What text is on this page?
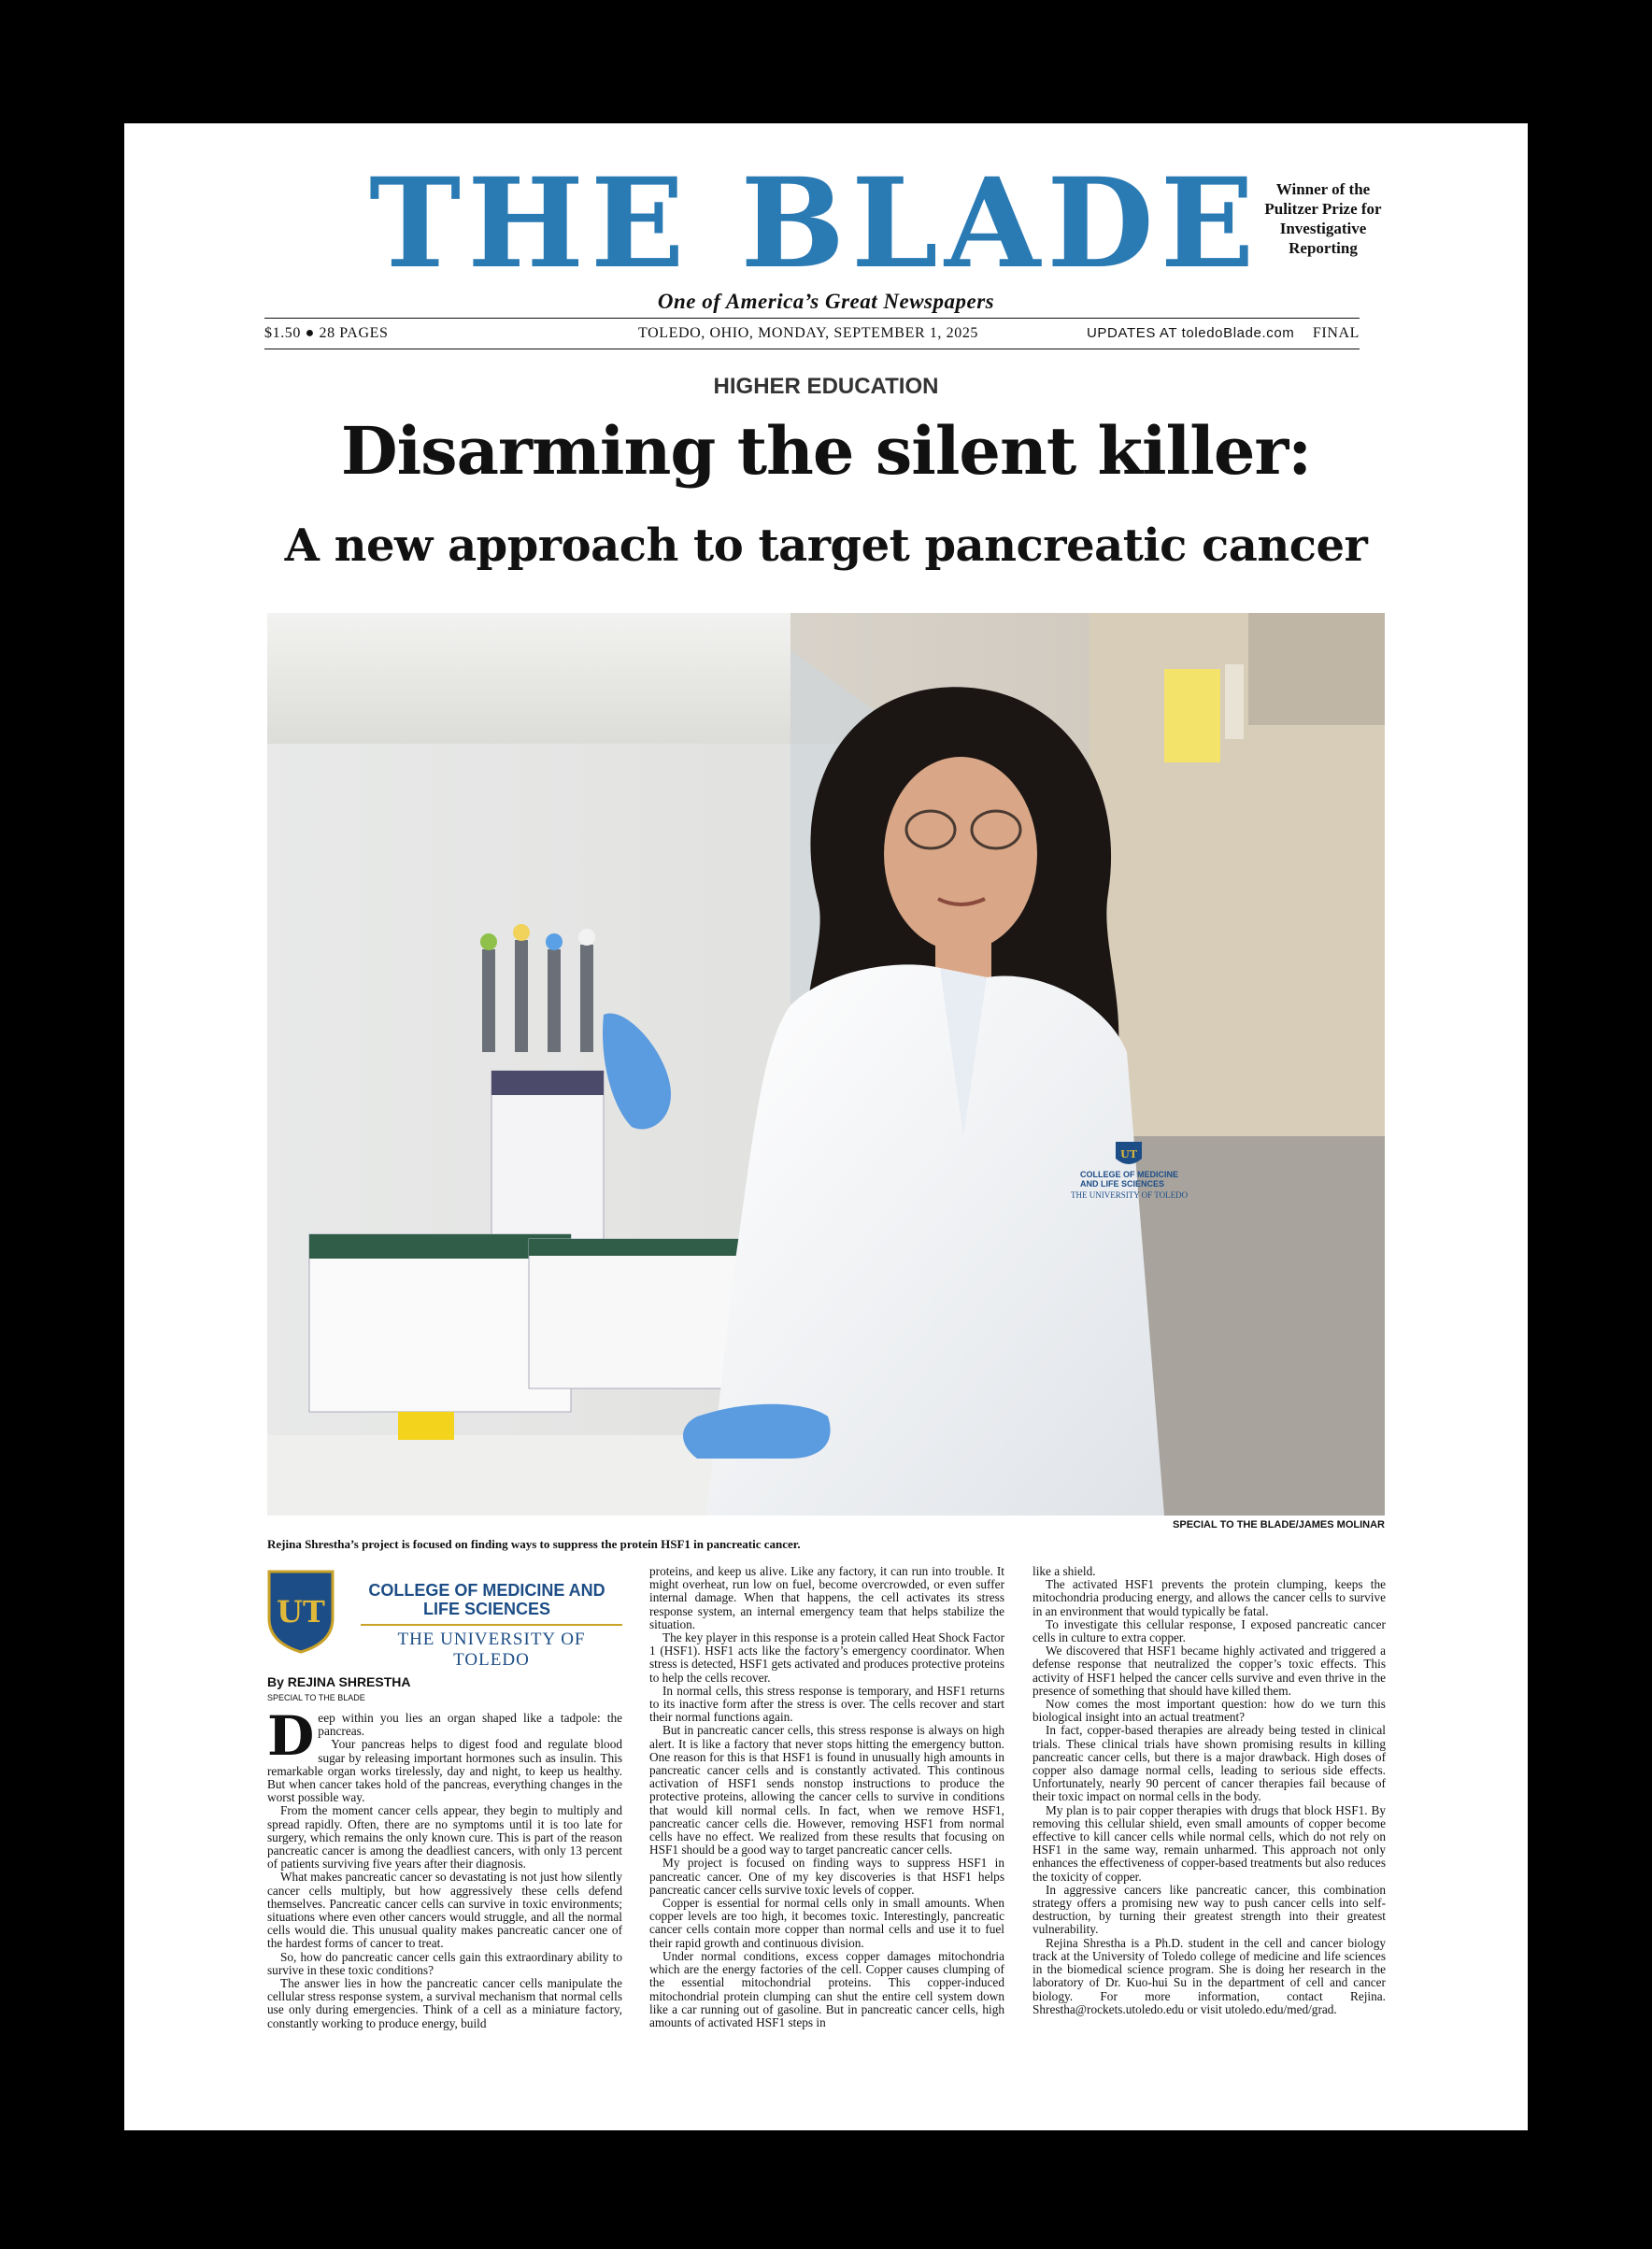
THE BLADE Winner of the Pulitzer Prize for Investigative Reporting
One of America’s Great Newspapers
$1.50 ● 28 PAGES	TOLEDO, OHIO, MONDAY, SEPTEMBER 1, 2025	UPDATES AT toledoBlade.com FINAL
HIGHER EDUCATION
Disarming the silent killer:
A new approach to target pancreatic cancer
UT
COLLEGE OF MEDICINE
AND LIFE SCIENCES
THE UNIVERSITY OF TOLEDO
SPECIAL TO THE BLADE/JAMES MOLINAR
Rejina Shrestha’s project is focused on finding ways to suppress the protein HSF1 in pancreatic cancer.
UT
COLLEGE OF MEDICINE AND LIFE SCIENCES
THE UNIVERSITY OF TOLEDO
By REJINA SHRESTHA
SPECIAL TO THE BLADE

Deep within you lies an organ shaped like a tadpole: the pancreas.

Your pancreas helps to digest food and regulate blood sugar by releasing important hormones such as insulin. This remarkable organ works tirelessly, day and night, to keep us healthy. But when cancer takes hold of the pancreas, everything changes in the worst possible way.

From the moment cancer cells appear, they begin to multiply and spread rapidly. Often, there are no symptoms until it is too late for surgery, which remains the only known cure. This is part of the reason pancreatic cancer is among the deadliest cancers, with only 13 percent of patients surviving five years after their diagnosis.

What makes pancreatic cancer so devastating is not just how silently cancer cells multiply, but how aggressively these cells defend themselves. Pancreatic cancer cells can survive in toxic environments; situations where even other cancers would struggle, and all the normal cells would die. This unusual quality makes pancreatic cancer one of the hardest forms of cancer to treat.

So, how do pancreatic cancer cells gain this extraordinary ability to survive in these toxic conditions?

The answer lies in how the pancreatic cancer cells manipulate the cellular stress response system, a survival mechanism that normal cells use only during emergencies. Think of a cell as a miniature factory, constantly working to produce energy, build

proteins, and keep us alive. Like any factory, it can run into trouble. It might overheat, run low on fuel, become overcrowded, or even suffer internal damage. When that happens, the cell activates its stress response system, an internal emergency team that helps stabilize the situation.

The key player in this response is a protein called Heat Shock Factor 1 (HSF1). HSF1 acts like the factory’s emergency coordinator. When stress is detected, HSF1 gets activated and produces protective proteins to help the cells recover.

In normal cells, this stress response is temporary, and HSF1 returns to its inactive form after the stress is over. The cells recover and start their normal functions again.

But in pancreatic cancer cells, this stress response is always on high alert. It is like a factory that never stops hitting the emergency button. One reason for this is that HSF1 is found in unusually high amounts in pancreatic cancer cells and is constantly activated. This continous activation of HSF1 sends nonstop instructions to produce the protective proteins, allowing the cancer cells to survive in conditions that would kill normal cells. In fact, when we remove HSF1, pancreatic cancer cells die. However, removing HSF1 from normal cells have no effect. We realized from these results that focusing on HSF1 should be a good way to target pancreatic cancer cells.

My project is focused on finding ways to suppress HSF1 in pancreatic cancer. One of my key discoveries is that HSF1 helps pancreatic cancer cells survive toxic levels of copper.

Copper is essential for normal cells only in small amounts. When copper levels are too high, it becomes toxic. Interestingly, pancreatic cancer cells contain more copper than normal cells and use it to fuel their rapid growth and continuous division.

Under normal conditions, excess copper damages mitochondria which are the energy factories of the cell. Copper causes clumping of the essential mitochondrial proteins. This copper-induced mitochondrial protein clumping can shut the entire cell system down like a car running out of gasoline. But in pancreatic cancer cells, high amounts of activated HSF1 steps in

like a shield.

The activated HSF1 prevents the protein clumping, keeps the mitochondria producing energy, and allows the cancer cells to survive in an environment that would typically be fatal.

To investigate this cellular response, I exposed pancreatic cancer cells in culture to extra copper.

We discovered that HSF1 became highly activated and triggered a defense response that neutralized the copper’s toxic effects. This activity of HSF1 helped the cancer cells survive and even thrive in the presence of something that should have killed them.

Now comes the most important question: how do we turn this biological insight into an actual treatment?

In fact, copper-based therapies are already being tested in clinical trials. These clinical trials have shown promising results in killing pancreatic cancer cells, but there is a major drawback. High doses of copper also damage normal cells, leading to serious side effects. Unfortunately, nearly 90 percent of cancer therapies fail because of their toxic impact on normal cells in the body.

My plan is to pair copper therapies with drugs that block HSF1. By removing this cellular shield, even small amounts of copper become effective to kill cancer cells while normal cells, which do not rely on HSF1 in the same way, remain unharmed. This approach not only enhances the effectiveness of copper-based treatments but also reduces the toxicity of copper.

In aggressive cancers like pancreatic cancer, this combination strategy offers a promising new way to push cancer cells into self-destruction, by turning their greatest strength into their greatest vulnerability.

Rejina Shrestha is a Ph.D. student in the cell and cancer biology track at the University of Toledo college of medicine and life sciences in the biomedical science program. She is doing her research in the laboratory of Dr. Kuo-hui Su in the department of cell and cancer biology. For more information, contact Rejina. Shrestha@rockets.utoledo.edu or visit utoledo.edu/med/grad.
